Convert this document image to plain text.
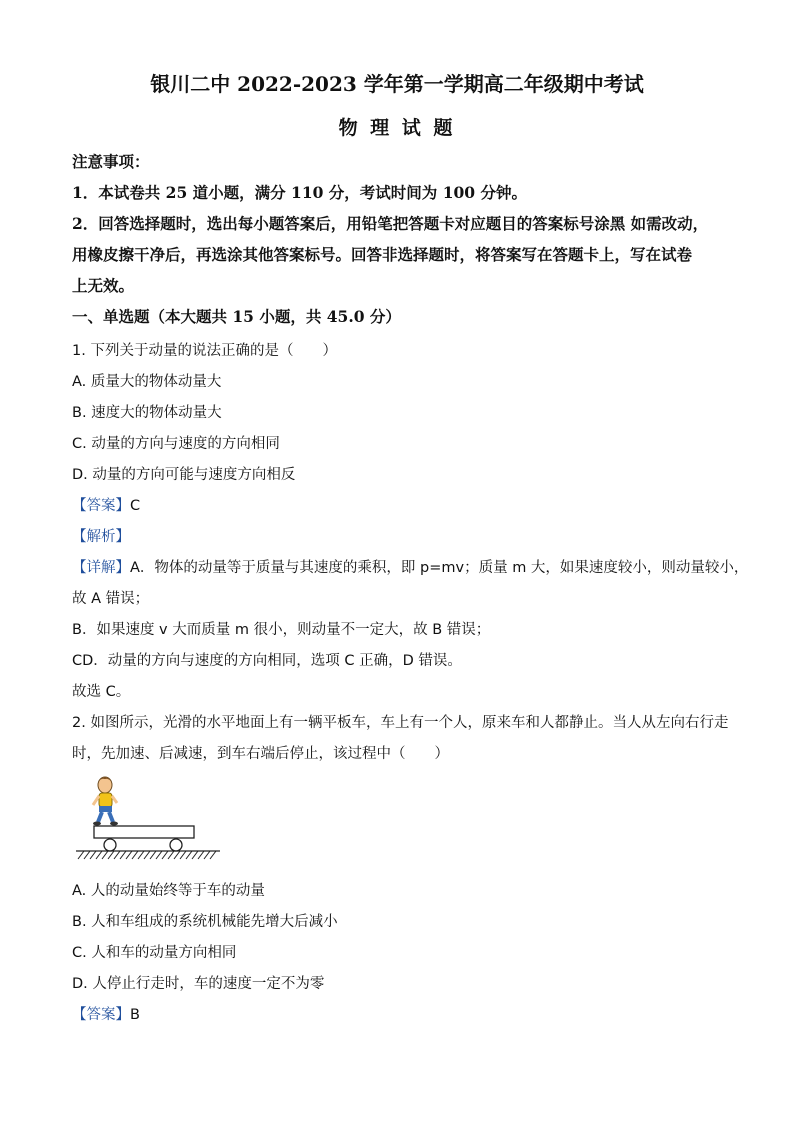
银川二中 2022-2023 学年第一学期高二年级期中考试
物 理 试 题
注意事项：
1．本试卷共 25 道小题，满分 110 分，考试时间为 100 分钟。
2．回答选择题时，选出每小题答案后，用铅笔把答题卡对应题目的答案标号涂黑 如需改动，
用橡皮擦干净后，再选涂其他答案标号。回答非选择题时，将答案写在答题卡上，写在试卷
上无效。
一、单选题（本大题共 15 小题，共 45.0 分）
1. 下列关于动量的说法正确的是（　　）
A. 质量大的物体动量大
B. 速度大的物体动量大
C. 动量的方向与速度的方向相同
D. 动量的方向可能与速度方向相反
【答案】C
【解析】
【详解】A．物体的动量等于质量与其速度的乘积，即 p=mv；质量 m 大，如果速度较小，则动量较小，
故 A 错误；
B．如果速度 v 大而质量 m 很小，则动量不一定大，故 B 错误；
CD．动量的方向与速度的方向相同，选项 C 正确，D 错误。
故选 C。
2. 如图所示，光滑的水平地面上有一辆平板车，车上有一个人，原来车和人都静止。当人从左向右行走
时，先加速、后减速，到车右端后停止，该过程中（　　）
A. 人的动量始终等于车的动量
B. 人和车组成的系统机械能先增大后减小
C. 人和车的动量方向相同
D. 人停止行走时，车的速度一定不为零
【答案】B
